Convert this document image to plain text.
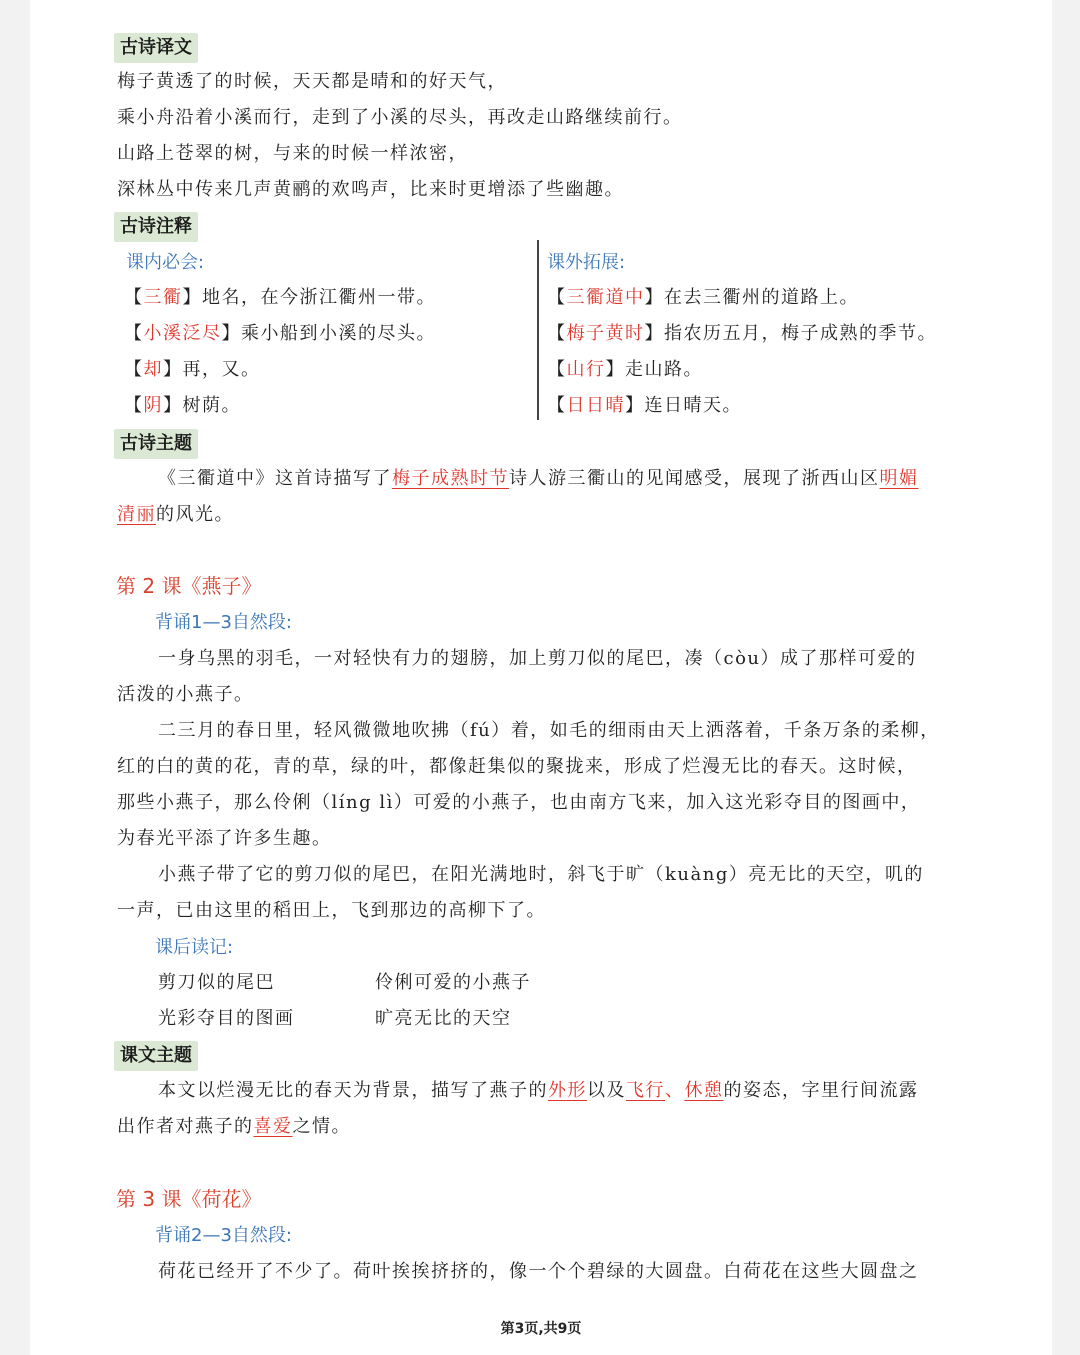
古诗译文
梅子黄透了的时候，天天都是晴和的好天气，
乘小舟沿着小溪而行，走到了小溪的尽头，再改走山路继续前行。
山路上苍翠的树，与来的时候一样浓密，
深林丛中传来几声黄鹂的欢鸣声，比来时更增添了些幽趣。
古诗注释
课内必会:
【三衢】地名，在今浙江衢州一带。
【小溪泛尽】乘小船到小溪的尽头。
【却】再，又。
【阴】树荫。
课外拓展:
【三衢道中】在去三衢州的道路上。
【梅子黄时】指农历五月，梅子成熟的季节。
【山行】走山路。
【日日晴】连日晴天。
古诗主题
《三衢道中》这首诗描写了梅子成熟时节诗人游三衢山的见闻感受，展现了浙西山区明媚
清丽的风光。
第 2 课《燕子》
背诵1—3自然段:
一身乌黑的羽毛，一对轻快有力的翅膀，加上剪刀似的尾巴，凑（còu）成了那样可爱的
活泼的小燕子。
二三月的春日里，轻风微微地吹拂（fú）着，如毛的细雨由天上洒落着，千条万条的柔柳，
红的白的黄的花，青的草，绿的叶，都像赶集似的聚拢来，形成了烂漫无比的春天。这时候，
那些小燕子，那么伶俐（líng lì）可爱的小燕子，也由南方飞来，加入这光彩夺目的图画中，
为春光平添了许多生趣。
小燕子带了它的剪刀似的尾巴，在阳光满地时，斜飞于旷（kuàng）亮无比的天空，叽的
一声，已由这里的稻田上，飞到那边的高柳下了。
课后读记:
剪刀似的尾巴	伶俐可爱的小燕子
光彩夺目的图画	旷亮无比的天空
课文主题
本文以烂漫无比的春天为背景，描写了燕子的外形以及飞行、休憩的姿态，字里行间流露
出作者对燕子的喜爱之情。
第 3 课《荷花》
背诵2—3自然段:
荷花已经开了不少了。荷叶挨挨挤挤的，像一个个碧绿的大圆盘。白荷花在这些大圆盘之
第3页,共9页
